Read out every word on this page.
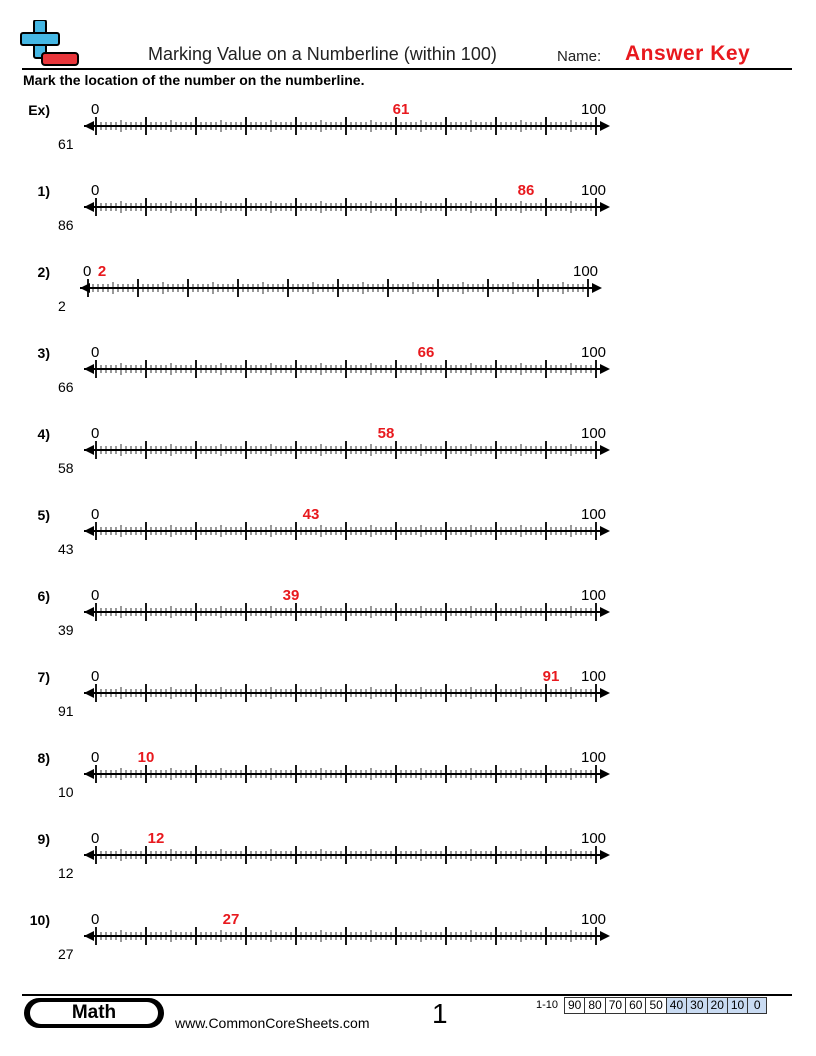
Marking Value on a Numberline (within 100)	Name: Answer Key
Mark the location of the number on the numberline.
Ex)	0	100
61
61
1)	0	100
86
86
2) 0	100
2
2
3)	0	100
66
66
4)	0	100
58
58
5)	0	100
43
43
6)	0	100
39
39
7)	0	100
91
91
8)	0	100
10
10
9)	0	100
12
12
10)	0	100
27
27
Math	www.CommonCoreSheets.com 1	1-10 90 80 70 60 50 40 30 20 10 0
